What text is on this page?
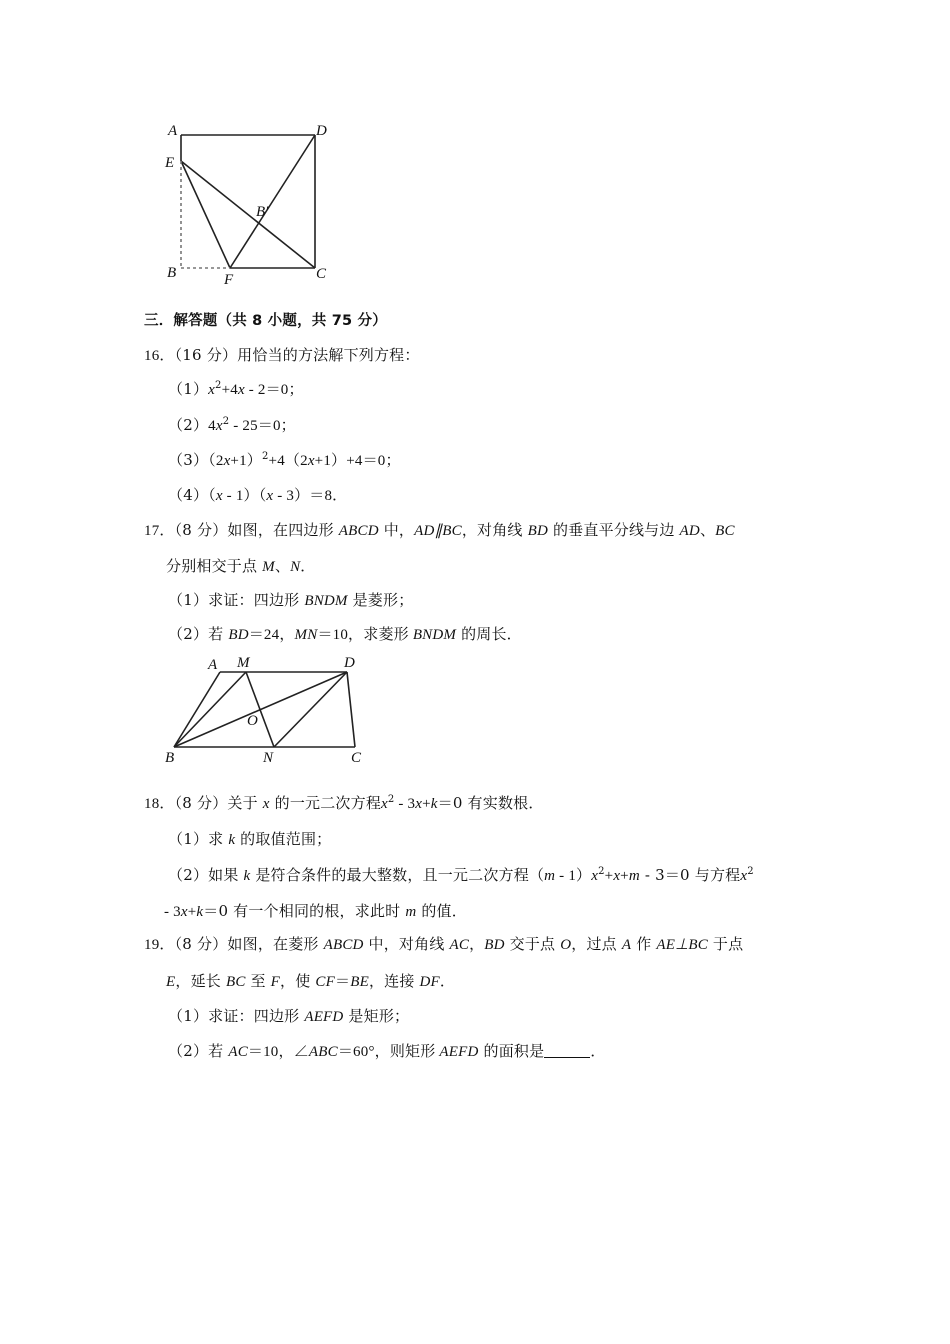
A	D
E
B′
B	F	C
三．解答题（共 8 小题，共 75 分）
16．（16 分）用恰当的方法解下列方程：
$(1)x^2+4x - 2=0$；
$(2)4x^2 - 25=0$；
$(3)(2x+1)^2+4(2x+1)+4=0$；
（4）（x - 1）（x - 3）＝8．
17．（8 分）如图，在四边形 ABCD 中，AD∥BC，对角线 BD 的垂直平分线与边 AD、BC
分别相交于点 M、N．
（1）求证：四边形 BNDM 是菱形；
（2）若 BD＝24，MN＝10，求菱形 BNDM 的周长．
A M	D
O
B	N	C
18．（8 分）关于 x 的一元二次方程$x^2 - 3x+k=0$ 有实数根．
（1）求 k 的取值范围；
（2）如果 k 是符合条件的最大整数，且一元二次方程$(m - 1)x^2+x+m - 3=0$ 与方程$x^2$
- 3x+k＝0 有一个相同的根，求此时 m 的值．
19．（8 分）如图，在菱形 ABCD 中，对角线 AC，BD 交于点 O，过点 A 作 AE⊥BC 于点
E，延长 BC 至 F，使 CF＝BE，连接 DF．
（1）求证：四边形 AEFD 是矩形；
（2）若 AC＝10，∠ABC＝60°，则矩形 AEFD 的面积是	．
